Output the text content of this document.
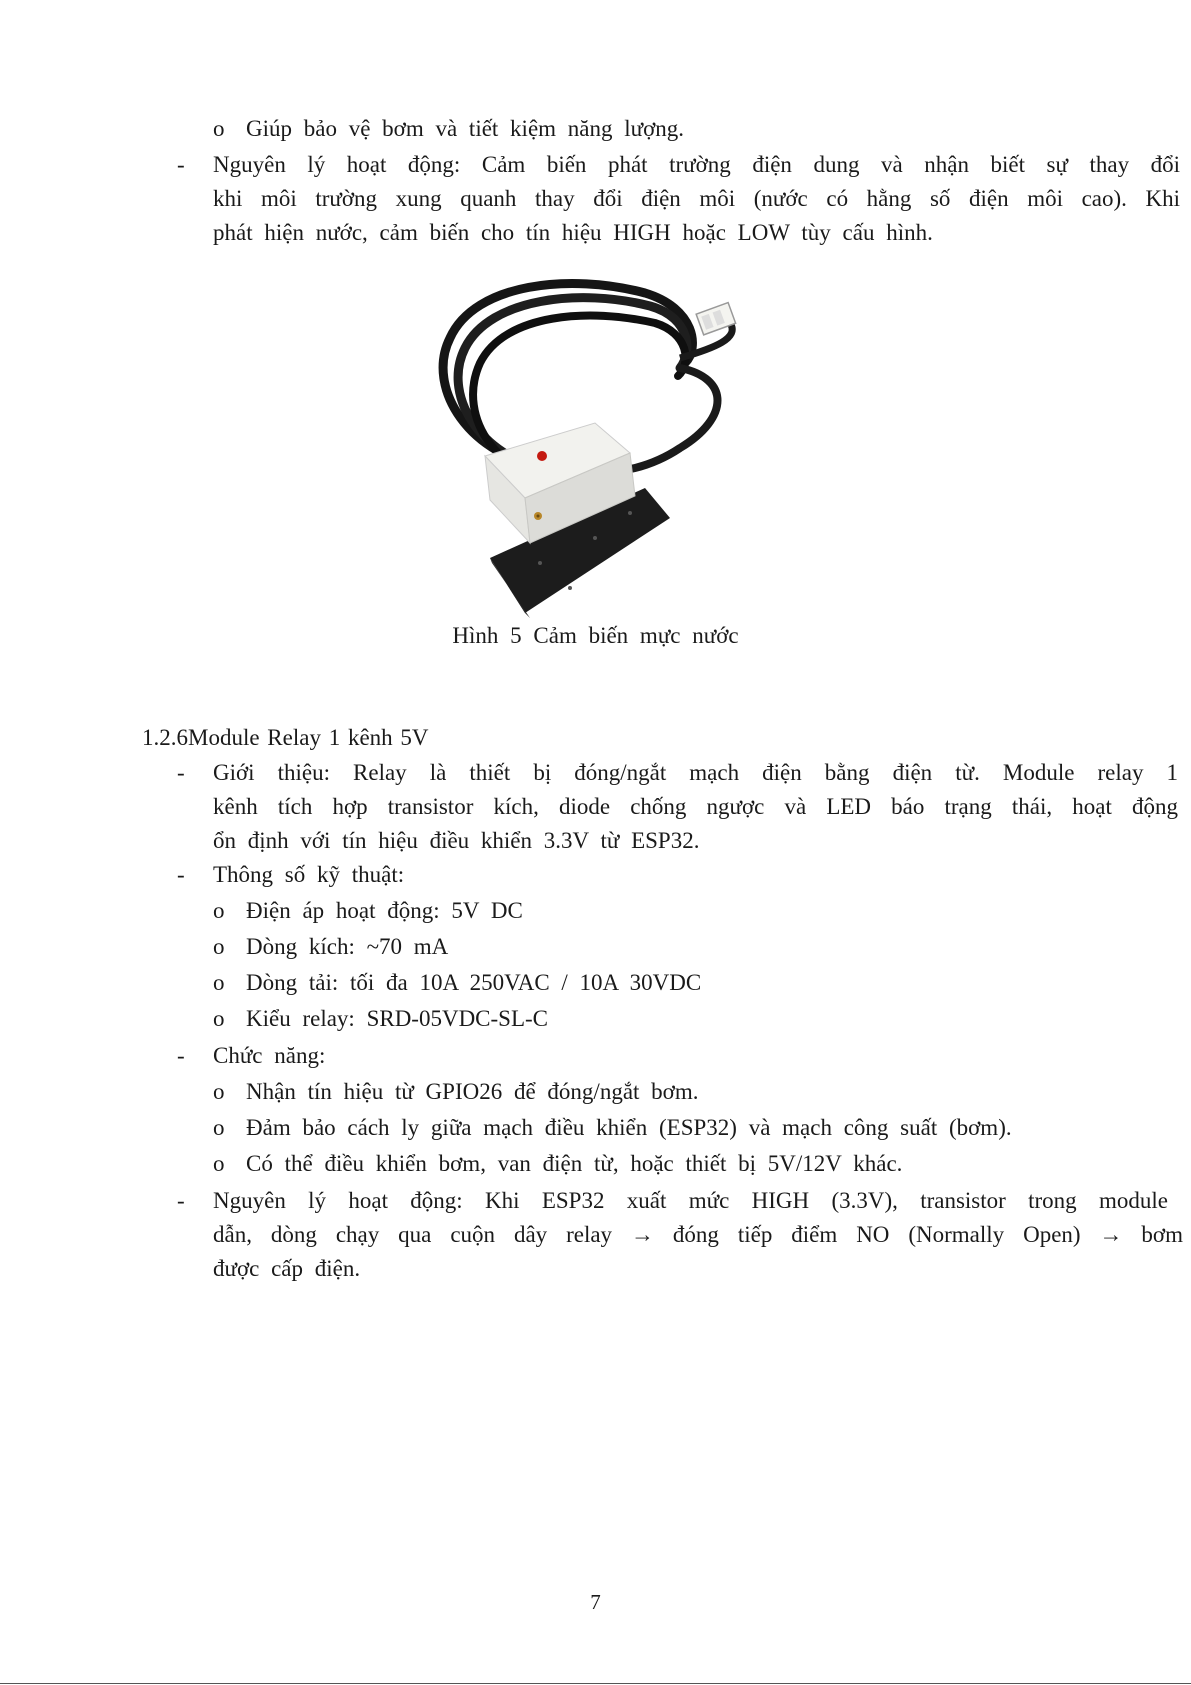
o Giúp bảo vệ bơm và tiết kiệm năng lượng.
- Nguyên lý hoạt động: Cảm biến phát trường điện dung và nhận biết sự thay đổi
khi môi trường xung quanh thay đổi điện môi (nước có hằng số điện môi cao). Khi
phát hiện nước, cảm biến cho tín hiệu HIGH hoặc LOW tùy cấu hình.
Hình 5 Cảm biến mực nước
1.2.6Module Relay 1 kênh 5V
- Giới thiệu: Relay là thiết bị đóng/ngắt mạch điện bằng điện từ. Module relay 1
kênh tích hợp transistor kích, diode chống ngược và LED báo trạng thái, hoạt động
ổn định với tín hiệu điều khiển 3.3V từ ESP32.
- Thông số kỹ thuật:
o Điện áp hoạt động: 5V DC
o Dòng kích: ~70 mA
o Dòng tải: tối đa 10A 250VAC / 10A 30VDC
o Kiểu relay: SRD-05VDC-SL-C
- Chức năng:
o Nhận tín hiệu từ GPIO26 để đóng/ngắt bơm.
o Đảm bảo cách ly giữa mạch điều khiển (ESP32) và mạch công suất (bơm).
o Có thể điều khiển bơm, van điện từ, hoặc thiết bị 5V/12V khác.
- Nguyên lý hoạt động: Khi ESP32 xuất mức HIGH (3.3V), transistor trong module
dẫn, dòng chạy qua cuộn dây relay → đóng tiếp điểm NO (Normally Open) → bơm
được cấp điện.
7
